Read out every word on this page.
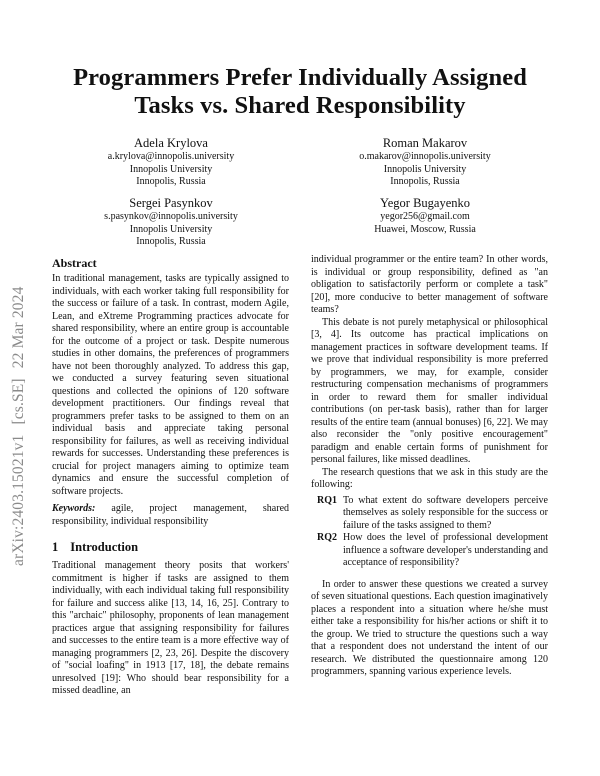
arXiv:2403.15021v1 [cs.SE] 22 Mar 2024
Programmers Prefer Individually Assigned
Tasks vs. Shared Responsibility
Adela Krylova
a.krylova@innopolis.university
Innopolis University
Innopolis, Russia
Roman Makarov
o.makarov@innopolis.university
Innopolis University
Innopolis, Russia
Sergei Pasynkov
s.pasynkov@innopolis.university
Innopolis University
Innopolis, Russia
Yegor Bugayenko
yegor256@gmail.com
Huawei, Moscow, Russia
Abstract

In traditional management, tasks are typically assigned to individuals, with each worker taking full responsibility for the success or failure of a task. In contrast, modern Agile, Lean, and eXtreme Programming practices advocate for shared responsibility, where an entire group is accountable for the outcome of a project or task. Despite numerous studies in other domains, the preferences of programmers have not been thoroughly analyzed. To address this gap, we conducted a survey featuring seven situational questions and collected the opinions of 120 software development practitioners. Our findings reveal that programmers prefer tasks to be assigned to them on an individual basis and appreciate taking personal responsibility for failures, as well as receiving individual rewards for successes. Understanding these preferences is crucial for project managers aiming to optimize team dynamics and ensure the successful completion of software projects.

Keywords: agile, project management, shared responsibility, individual responsibility

1 Introduction

Traditional management theory posits that workers' commitment is higher if tasks are assigned to them individually, with each individual taking full responsibility for failure and success alike [13, 14, 16, 25]. Contrary to this "archaic" philosophy, proponents of lean management practices argue that assigning responsibility for failures and successes to the entire team is a more effective way of managing programmers [2, 23, 26]. Despite the discovery of "social loafing" in 1913 [17, 18], the debate remains unresolved [19]: Who should bear responsibility for a missed deadline, an

individual programmer or the entire team? In other words, is individual or group responsibility, defined as "an obligation to satisfactorily perform or complete a task" [20], more conducive to better management of software teams?

This debate is not purely metaphysical or philosophical [3, 4]. Its outcome has practical implications on management practices in software development teams. If we prove that individual responsibility is more preferred by programmers, we may, for example, consider restructuring compensation mechanisms of programmers in order to reward them for smaller individual contributions (on per-task basis), rather than for larger results of the entire team (annual bonuses) [6, 22]. We may also reconsider the "only positive encouragement" paradigm and enable certain forms of punishment for personal failures, like missed deadlines.

The research questions that we ask in this study are the following:

RQ1 To what extent do software developers perceive themselves as solely responsible for the success or failure of the tasks assigned to them?
RQ2 How does the level of professional development influence a software developer's understanding and acceptance of responsibility?

In order to answer these questions we created a survey of seven situational questions. Each question imaginatively places a respondent into a situation where he/she must either take a responsibility for his/her actions or shift it to the group. We tried to structure the questions such a way that a respondent does not understand the intent of our research. We distributed the questionnaire among 120 programmers, spanning various experience levels.
